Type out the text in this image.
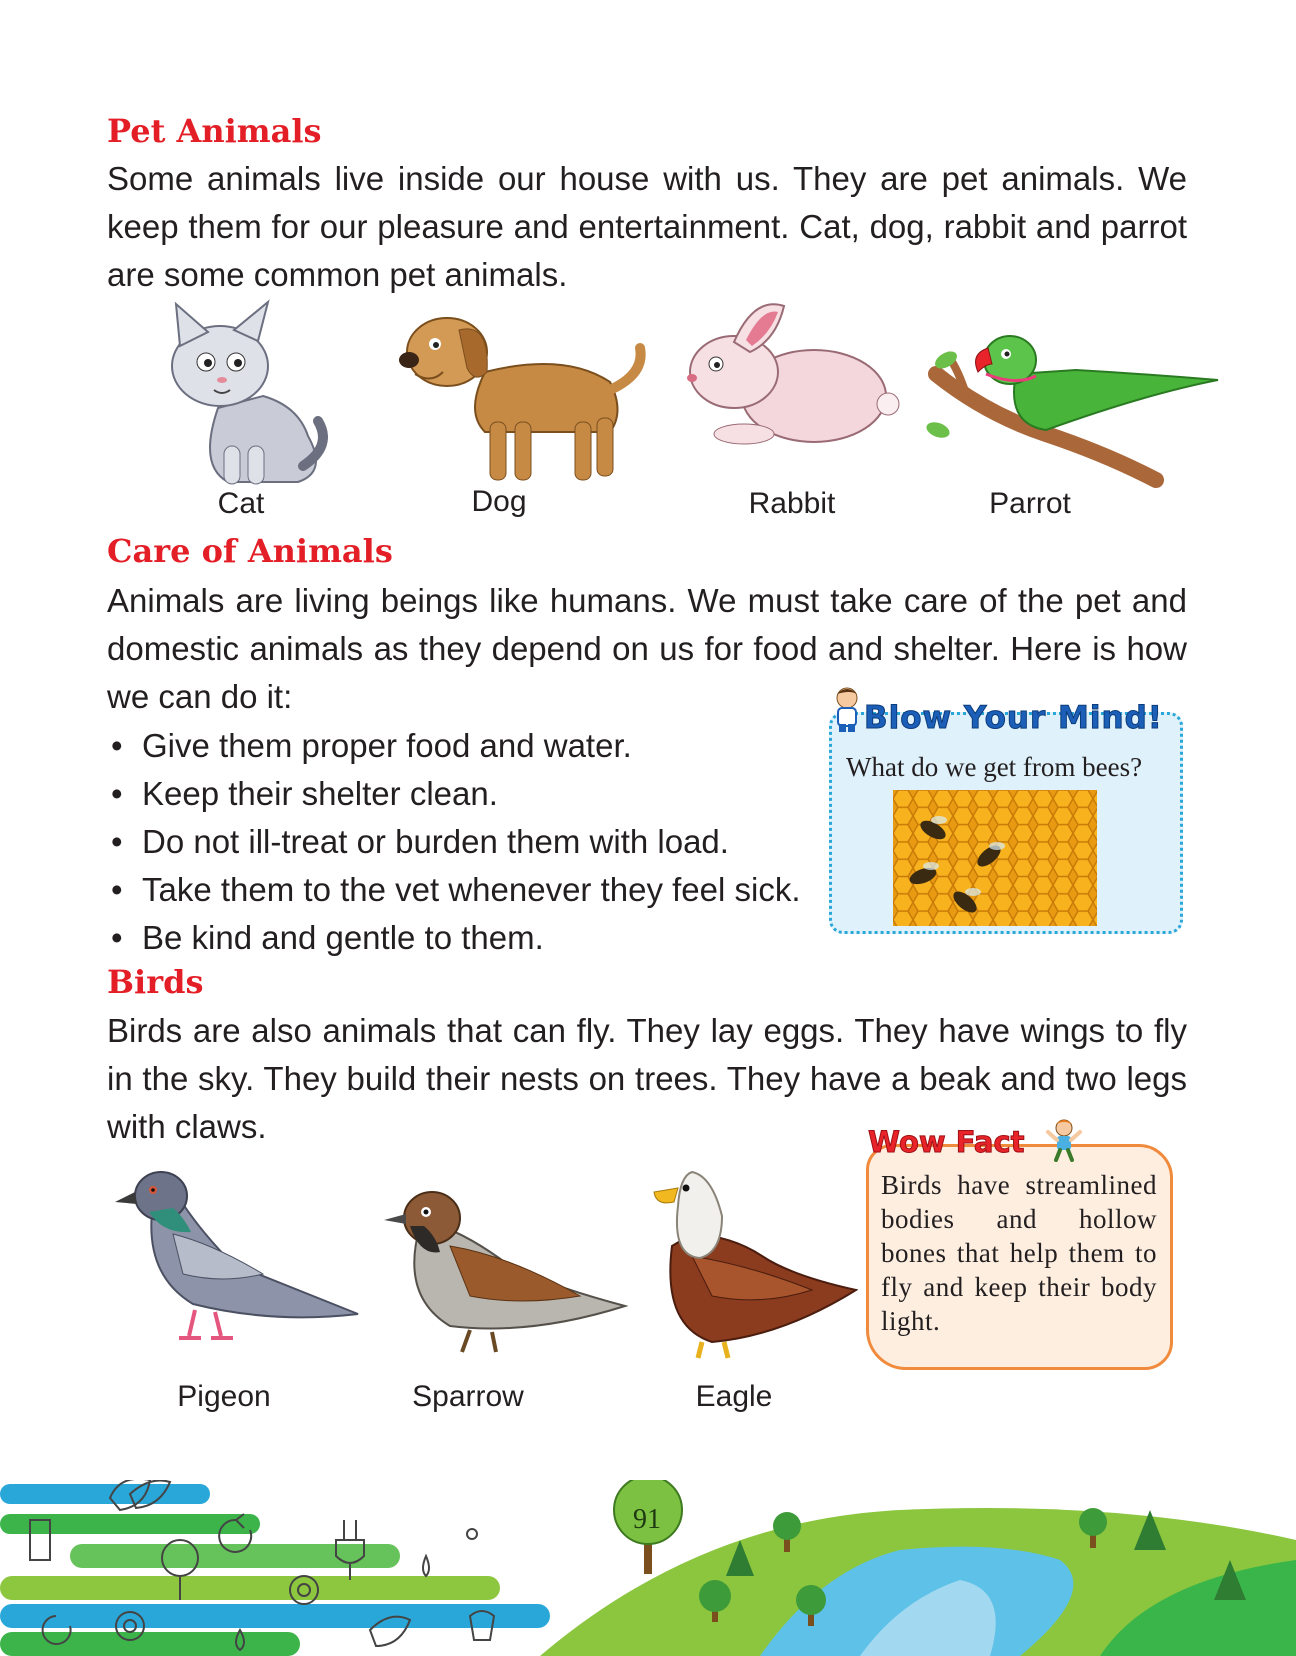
Pet Animals

Some animals live inside our house with us. They are pet animals. We keep them for our pleasure and entertainment. Cat, dog, rabbit and parrot are some common pet animals.

Cat	Dog	Rabbit	Parrot
Care of Animals

Animals are living beings like humans. We must take care of the pet and domestic animals as they depend on us for food and shelter. Here is how we can do it:

• Give them proper food and water.
• Keep their shelter clean.
• Do not ill-treat or burden them with load.
• Take them to the vet whenever they feel sick.
• Be kind and gentle to them.
Blow Your Mind!
What do we get from bees?
Birds

Birds are also animals that can fly. They lay eggs. They have wings to fly in the sky. They build their nests on trees. They have a beak and two legs with claws.

Pigeon	Sparrow	Eagle
Wow Fact
Birds have streamlined bodies and hollow bones that help them to fly and keep their body light.
91
